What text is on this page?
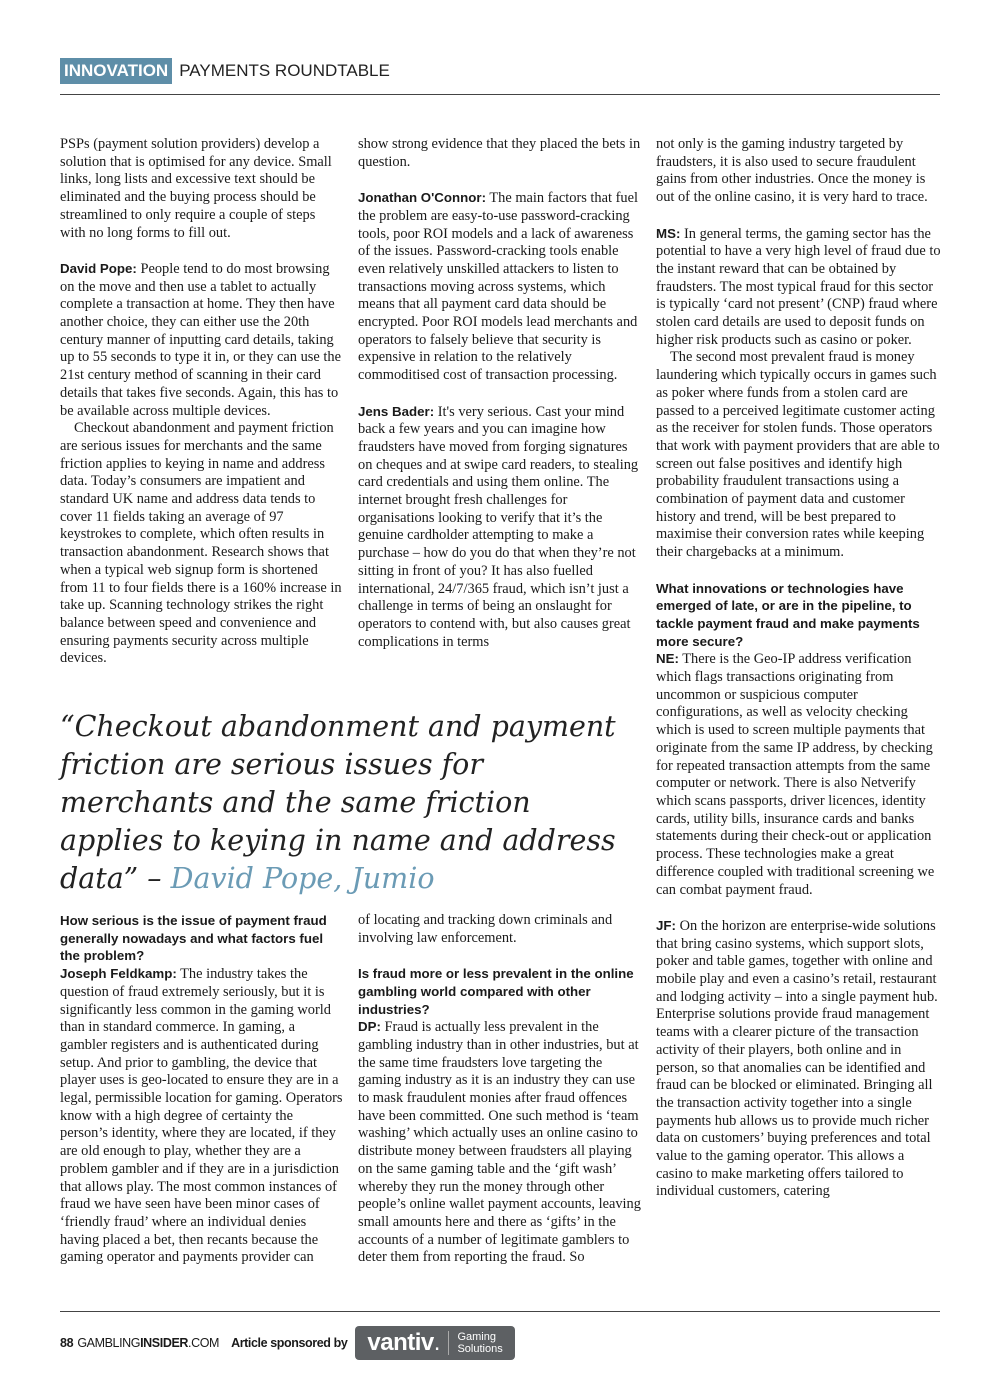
INNOVATION PAYMENTS ROUNDTABLE

PSPs (payment solution providers) develop a solution that is optimised for any device. Small links, long lists and excessive text should be eliminated and the buying process should be streamlined to only require a couple of steps with no long forms to fill out.

David Pope: People tend to do most browsing on the move and then use a tablet to actually complete a transaction at home. They then have another choice, they can either use the 20th century manner of inputting card details, taking up to 55 seconds to type it in, or they can use the 21st century method of scanning in their card details that takes five seconds. Again, this has to be available across multiple devices.

Checkout abandonment and payment friction are serious issues for merchants and the same friction applies to keying in name and address data. Today’s consumers are impatient and standard UK name and address data tends to cover 11 fields taking an average of 97 keystrokes to complete, which often results in transaction abandonment. Research shows that when a typical web signup form is shortened from 11 to four fields there is a 160% increase in take up. Scanning technology strikes the right balance between speed and convenience and ensuring payments security across multiple devices.

show strong evidence that they placed the bets in question.

Jonathan O'Connor: The main factors that fuel the problem are easy-to-use password-cracking tools, poor ROI models and a lack of awareness of the issues. Password-cracking tools enable even relatively unskilled attackers to listen to transactions moving across systems, which means that all payment card data should be encrypted. Poor ROI models lead merchants and operators to falsely believe that security is expensive in relation to the relatively commoditised cost of transaction processing.

Jens Bader: It's very serious. Cast your mind back a few years and you can imagine how fraudsters have moved from forging signatures on cheques and at swipe card readers, to stealing card credentials and using them online. The internet brought fresh challenges for organisations looking to verify that it’s the genuine cardholder attempting to make a purchase – how do you do that when they’re not sitting in front of you? It has also fuelled international, 24/7/365 fraud, which isn’t just a challenge in terms of being an onslaught for operators to contend with, but also causes great complications in terms

“Checkout abandonment and payment friction are serious issues for merchants and the same friction applies to keying in name and address data” – David Pope, Jumio

How serious is the issue of payment fraud generally nowadays and what factors fuel the problem?

Joseph Feldkamp: The industry takes the question of fraud extremely seriously, but it is significantly less common in the gaming world than in standard commerce. In gaming, a gambler registers and is authenticated during setup. And prior to gambling, the device that player uses is geo-located to ensure they are in a legal, permissible location for gaming. Operators know with a high degree of certainty the person’s identity, where they are located, if they are old enough to play, whether they are a problem gambler and if they are in a jurisdiction that allows play. The most common instances of fraud we have seen have been minor cases of ‘friendly fraud’ where an individual denies having placed a bet, then recants because the gaming operator and payments provider can

of locating and tracking down criminals and involving law enforcement.

Is fraud more or less prevalent in the online gambling world compared with other industries?

DP: Fraud is actually less prevalent in the gambling industry than in other industries, but at the same time fraudsters love targeting the gaming industry as it is an industry they can use to mask fraudulent monies after fraud offences have been committed. One such method is ‘team washing’ which actually uses an online casino to distribute money between fraudsters all playing on the same gaming table and the ‘gift wash’ whereby they run the money through other people’s online wallet payment accounts, leaving small amounts here and there as ‘gifts’ in the accounts of a number of legitimate gamblers to deter them from reporting the fraud. So

not only is the gaming industry targeted by fraudsters, it is also used to secure fraudulent gains from other industries. Once the money is out of the online casino, it is very hard to trace.

MS: In general terms, the gaming sector has the potential to have a very high level of fraud due to the instant reward that can be obtained by fraudsters. The most typical fraud for this sector is typically ‘card not present’ (CNP) fraud where stolen card details are used to deposit funds on higher risk products such as casino or poker.

The second most prevalent fraud is money laundering which typically occurs in games such as poker where funds from a stolen card are passed to a perceived legitimate customer acting as the receiver for stolen funds. Those operators that work with payment providers that are able to screen out false positives and identify high probability fraudulent transactions using a combination of payment data and customer history and trend, will be best prepared to maximise their conversion rates while keeping their chargebacks at a minimum.

What innovations or technologies have emerged of late, or are in the pipeline, to tackle payment fraud and make payments more secure?

NE: There is the Geo-IP address verification which flags transactions originating from uncommon or suspicious computer configurations, as well as velocity checking which is used to screen multiple payments that originate from the same IP address, by checking for repeated transaction attempts from the same computer or network. There is also Netverify which scans passports, driver licences, identity cards, utility bills, insurance cards and banks statements during their check-out or application process. These technologies make a great difference coupled with traditional screening we can combat payment fraud.

JF: On the horizon are enterprise-wide solutions that bring casino systems, which support slots, poker and table games, together with online and mobile play and even a casino’s retail, restaurant and lodging activity – into a single payment hub. Enterprise solutions provide fraud management teams with a clearer picture of the transaction activity of their players, both online and in person, so that anomalies can be identified and fraud can be blocked or eliminated. Bringing all the transaction activity together into a single payments hub allows us to provide much richer data on customers’ buying preferences and total value to the gaming operator. This allows a casino to make marketing offers tailored to individual customers, catering

88 GAMBLINGINSIDER.COM Article sponsored by vantiv . Gaming
Solutions
